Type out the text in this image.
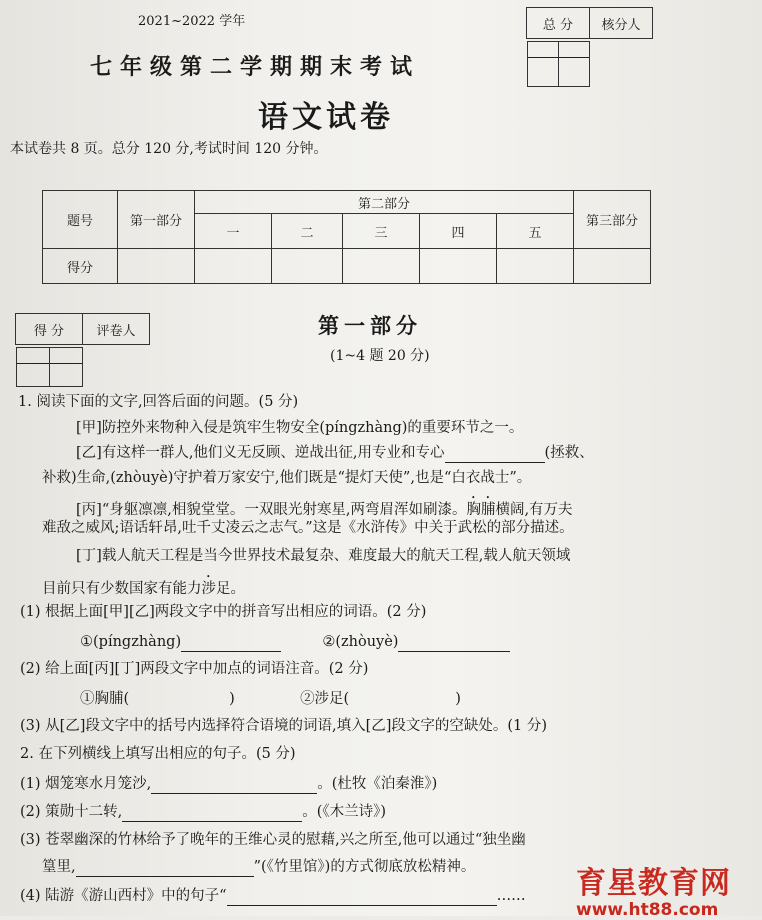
2021~2022 学年
七年级第二学期期末考试
语文试卷
总 分	核分人

本试卷共 8 页。总分 120 分,考试时间 120 分钟。
题号	第一部分	第二部分					第三部分
		一	二	三	四	五	
得分							
得 分	评卷人
		第一部分
(1~4 题 20 分)
1. 阅读下面的文字,回答后面的问题。(5 分)
[甲]防控外来物种入侵是筑牢生物安全(píngzhàng)的重要环节之一。
[乙]有这样一群人,他们义无反顾、逆战出征,用专业和专心	(拯救、
补救)生命,(zhòuyè)守护着万家安宁,他们既是“提灯天使”,也是“白衣战士”。
[丙]“身躯凛凛,相貌堂堂。一双眼光射寒星,两弯眉浑如刷漆。胸脯横阔,有万夫
难敌之威风;语话轩昂,吐千丈凌云之志气。”这是《水浒传》中关于武松的部分描述。
[丁]载人航天工程是当今世界技术最复杂、难度最大的航天工程,载人航天领域
目前只有少数国家有能力涉足。
(1) 根据上面[甲][乙]两段文字中的拼音写出相应的词语。(2 分)
①(píngzhàng)	②(zhòuyè)
(2) 给上面[丙][丁]两段文字中加点的词语注音。(2 分)
①胸脯(	)	②涉足(	)
(3) 从[乙]段文字中的括号内选择符合语境的词语,填入[乙]段文字的空缺处。(1 分)
2. 在下列横线上填写出相应的句子。(5 分)
(1) 烟笼寒水月笼沙,	。(杜牧《泊秦淮》)
(2) 策勋十二转,	。(《木兰诗》)
(3) 苍翠幽深的竹林给予了晚年的王维心灵的慰藉,兴之所至,他可以通过“独坐幽
篁里,	”(《竹里馆》)的方式彻底放松精神。
(4) 陆游《游山西村》中的句子“	…… 育星教育网
www.ht88.com
